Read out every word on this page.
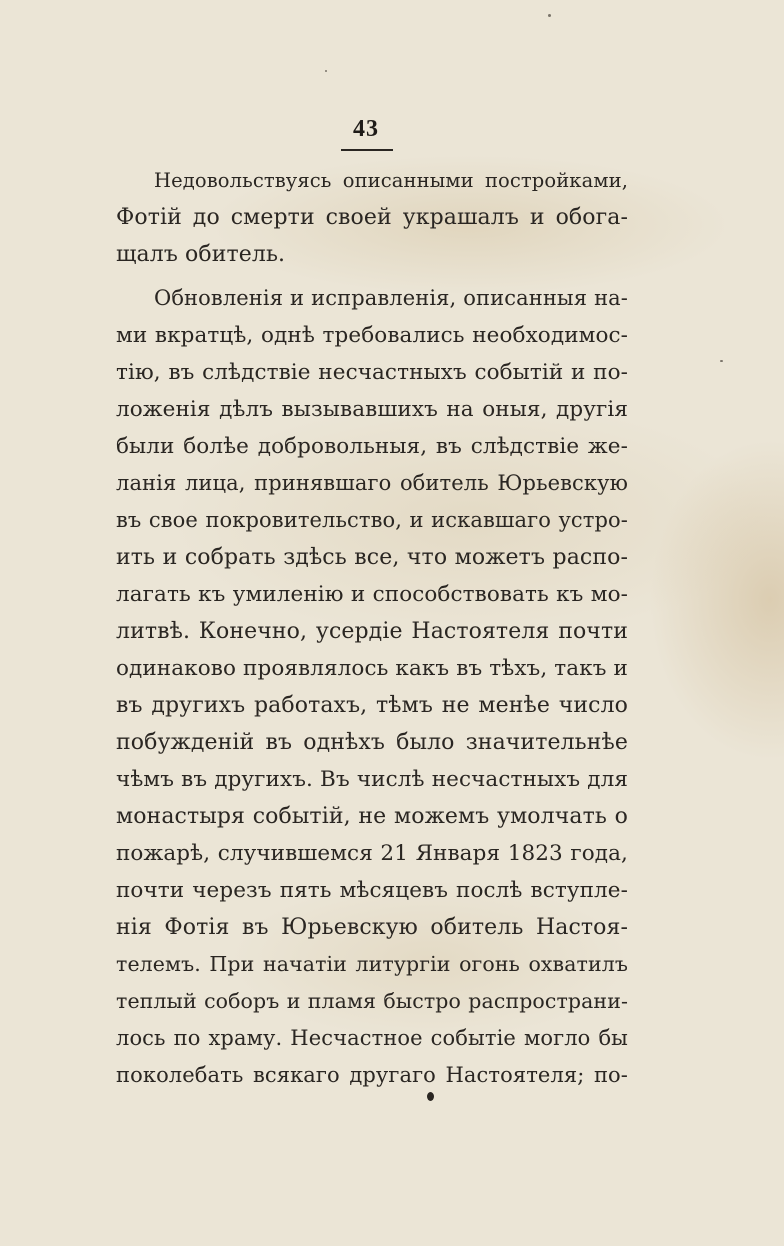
43
Недовольствуясь описанными постройками,
Фотій до смерти своей украшалъ и обога-
щалъ обитель.
Обновленія и исправленія, описанныя на-
ми вкратцѣ, однѣ требовались необходимос-
тію, въ слѣдствіе несчастныхъ событій и по-
ложенія дѣлъ вызывавшихъ на оныя, другія
были болѣе добровольныя, въ слѣдствіе же-
ланія лица, принявшаго обитель Юрьевскую
въ свое покровительство, и искавшаго устро-
ить и собрать здѣсь все, что можетъ распо-
лагать къ умиленію и способствовать къ мо-
литвѣ. Конечно, усердіе Настоятеля почти
одинаково проявлялось какъ въ тѣхъ, такъ и
въ другихъ работахъ, тѣмъ не менѣе число
побужденій въ однѣхъ было значительнѣе
чѣмъ въ другихъ. Въ числѣ несчастныхъ для
монастыря событій, не можемъ умолчать о
пожарѣ, случившемся 21 Января 1823 года,
почти черезъ пять мѣсяцевъ послѣ вступле-
нія Фотія въ Юрьевскую обитель Настоя-
телемъ. При начатіи литургіи огонь охватилъ
теплый соборъ и пламя быстро распространи-
лось по храму. Несчастное событіе могло бы
поколебать всякаго другаго Настоятеля; по-
